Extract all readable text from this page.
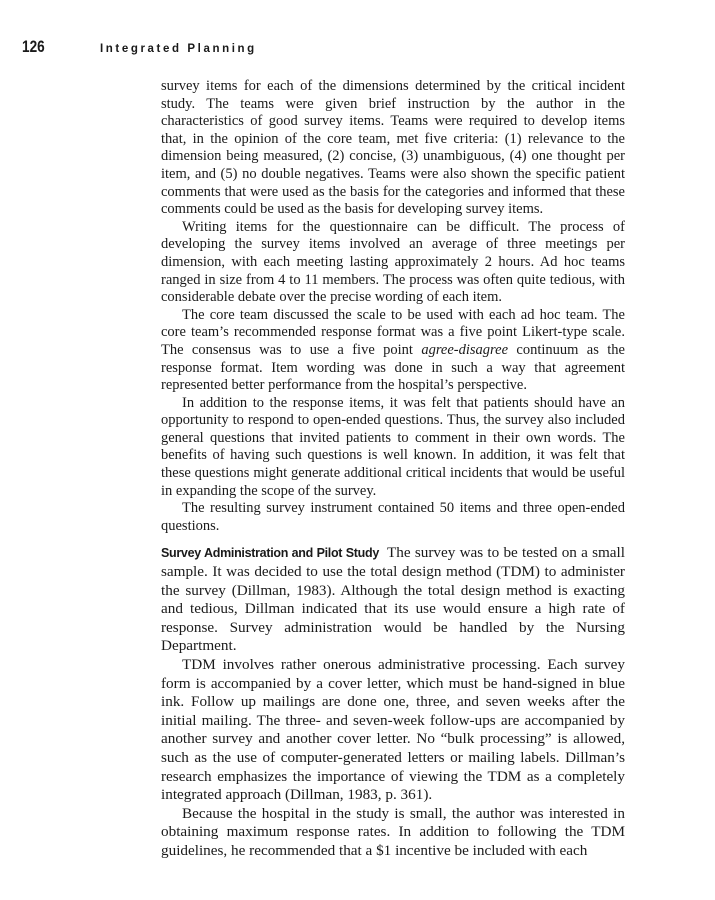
126	Integrated Planning

survey items for each of the dimensions determined by the critical incident study. The teams were given brief instruction by the author in the characteristics of good survey items. Teams were required to develop items that, in the opinion of the core team, met five criteria: (1) relevance to the dimension being measured, (2) concise, (3) unambiguous, (4) one thought per item, and (5) no double negatives. Teams were also shown the specific patient comments that were used as the basis for the categories and informed that these comments could be used as the basis for developing survey items.

Writing items for the questionnaire can be difficult. The process of developing the survey items involved an average of three meetings per dimension, with each meeting lasting approximately 2 hours. Ad hoc teams ranged in size from 4 to 11 members. The process was often quite tedious, with considerable debate over the precise wording of each item.

The core team discussed the scale to be used with each ad hoc team. The core team’s recommended response format was a five point Likert-type scale. The consensus was to use a five point agree-disagree continuum as the response format. Item wording was done in such a way that agreement represented better performance from the hospital’s perspective.

In addition to the response items, it was felt that patients should have an opportunity to respond to open-ended questions. Thus, the survey also included general questions that invited patients to comment in their own words. The benefits of having such questions is well known. In addition, it was felt that these questions might generate additional critical incidents that would be useful in expanding the scope of the survey.

The resulting survey instrument contained 50 items and three open-ended questions.

Survey Administration and Pilot Study The survey was to be tested on a small sample. It was decided to use the total design method (TDM) to administer the survey (Dillman, 1983). Although the total design method is exacting and tedious, Dillman indicated that its use would ensure a high rate of response. Survey administration would be handled by the Nursing Department.

TDM involves rather onerous administrative processing. Each survey form is accompanied by a cover letter, which must be hand-signed in blue ink. Follow up mailings are done one, three, and seven weeks after the initial mailing. The three- and seven-week follow-ups are accompanied by another survey and another cover letter. No “bulk processing” is allowed, such as the use of computer-generated letters or mailing labels. Dillman’s research emphasizes the importance of viewing the TDM as a completely integrated approach (Dillman, 1983, p. 361).

Because the hospital in the study is small, the author was interested in obtaining maximum response rates. In addition to following the TDM guidelines, he recommended that a $1 incentive be included with each
